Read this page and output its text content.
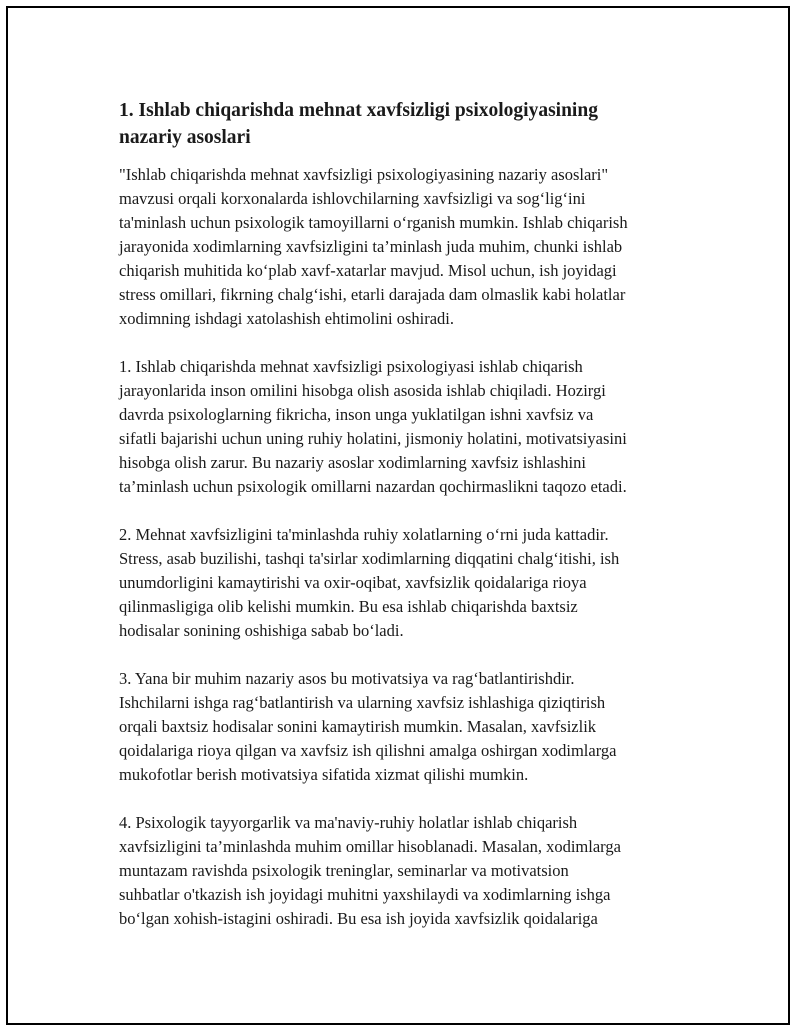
1. Ishlab chiqarishda mehnat xavfsizligi psixologiyasining
nazariy asoslari

"Ishlab chiqarishda mehnat xavfsizligi psixologiyasining nazariy asoslari"
mavzusi orqali korxonalarda ishlovchilarning xavfsizligi va sog‘lig‘ini
ta'minlash uchun psixologik tamoyillarni o‘rganish mumkin. Ishlab chiqarish
jarayonida xodimlarning xavfsizligini ta’minlash juda muhim, chunki ishlab
chiqarish muhitida ko‘plab xavf-xatarlar mavjud. Misol uchun, ish joyidagi
stress omillari, fikrning chalg‘ishi, etarli darajada dam olmaslik kabi holatlar
xodimning ishdagi xatolashish ehtimolini oshiradi.

1. Ishlab chiqarishda mehnat xavfsizligi psixologiyasi ishlab chiqarish
jarayonlarida inson omilini hisobga olish asosida ishlab chiqiladi. Hozirgi
davrda psixologlarning fikricha, inson unga yuklatilgan ishni xavfsiz va
sifatli bajarishi uchun uning ruhiy holatini, jismoniy holatini, motivatsiyasini
hisobga olish zarur. Bu nazariy asoslar xodimlarning xavfsiz ishlashini
ta’minlash uchun psixologik omillarni nazardan qochirmaslikni taqozo etadi.

2. Mehnat xavfsizligini ta'minlashda ruhiy xolatlarning o‘rni juda kattadir.
Stress, asab buzilishi, tashqi ta'sirlar xodimlarning diqqatini chalg‘itishi, ish
unumdorligini kamaytirishi va oxir-oqibat, xavfsizlik qoidalariga rioya
qilinmasligiga olib kelishi mumkin. Bu esa ishlab chiqarishda baxtsiz
hodisalar sonining oshishiga sabab bo‘ladi.

3. Yana bir muhim nazariy asos bu motivatsiya va rag‘batlantirishdir.
Ishchilarni ishga rag‘batlantirish va ularning xavfsiz ishlashiga qiziqtirish
orqali baxtsiz hodisalar sonini kamaytirish mumkin. Masalan, xavfsizlik
qoidalariga rioya qilgan va xavfsiz ish qilishni amalga oshirgan xodimlarga
mukofotlar berish motivatsiya sifatida xizmat qilishi mumkin.

4. Psixologik tayyorgarlik va ma'naviy-ruhiy holatlar ishlab chiqarish
xavfsizligini ta’minlashda muhim omillar hisoblanadi. Masalan, xodimlarga
muntazam ravishda psixologik treninglar, seminarlar va motivatsion
suhbatlar o'tkazish ish joyidagi muhitni yaxshilaydi va xodimlarning ishga
bo‘lgan xohish-istagini oshiradi. Bu esa ish joyida xavfsizlik qoidalariga
